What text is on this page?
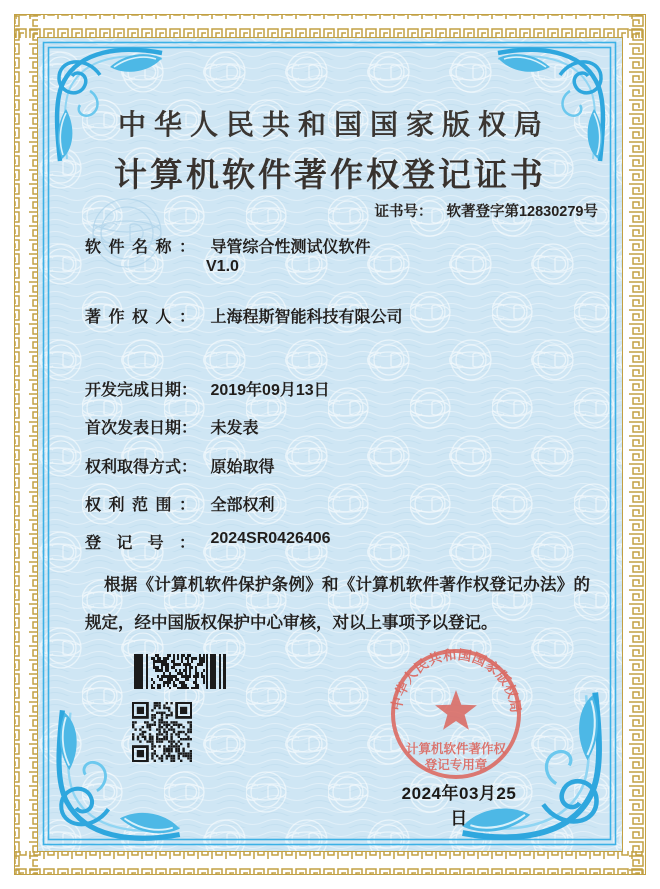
中华人民共和国国家版权局
计算机软件著作权登记证书
证书号： 软著登字第12830279号
软件名称： 导管综合性测试仪软件
V1.0
著作权人： 上海程斯智能科技有限公司
开发完成日期： 2019年09月13日
首次发表日期： 未发表
权利取得方式： 原始取得
权利范围： 全部权利
登记号： 2024SR0426406
根据《计算机软件保护条例》和《计算机软件著作权登记办法》的规定，经中国版权保护中心审核，对以上事项予以登记。
中华人民共和国国家版权局
计算机软件著作权
登记专用章
2024年03月25日
